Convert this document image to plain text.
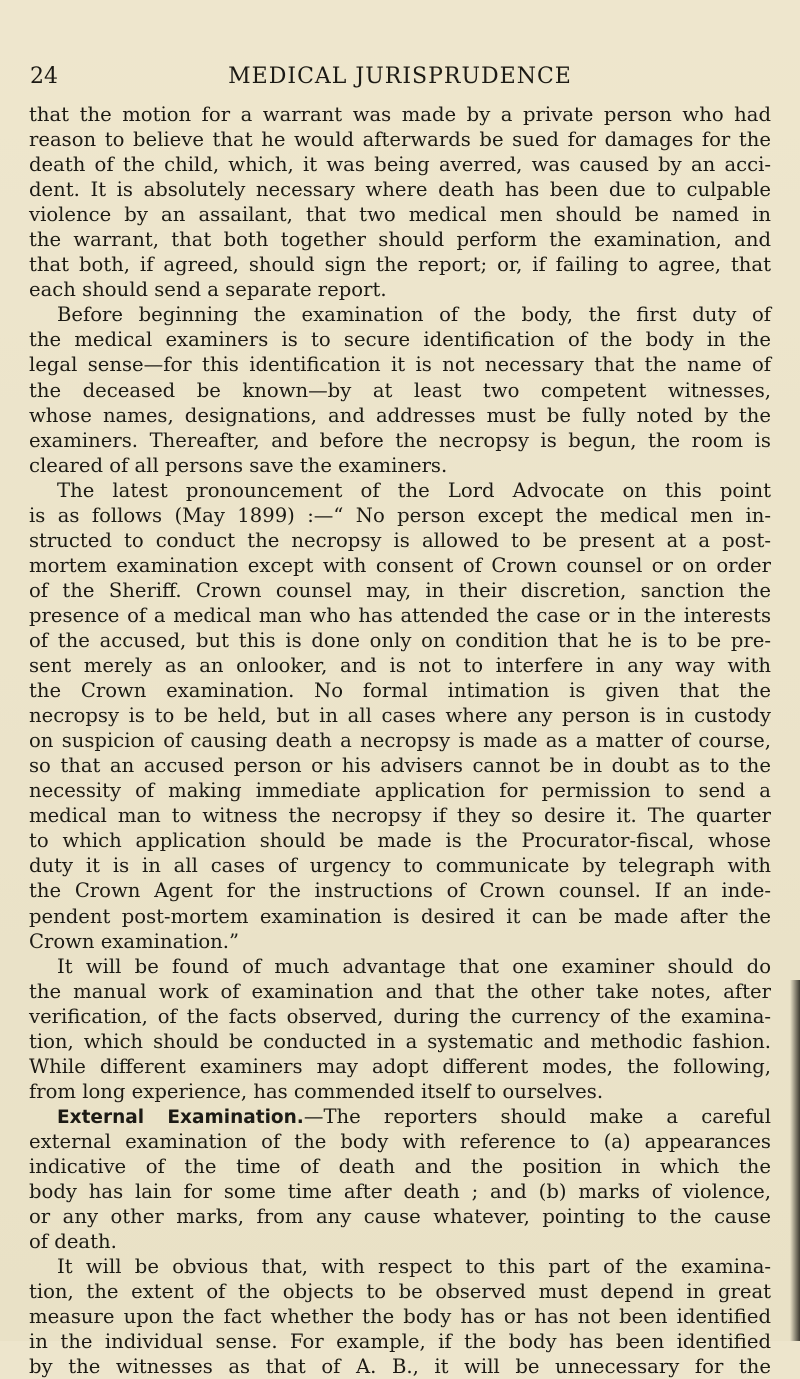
24	MEDICAL JURISPRUDENCE
that the motion for a warrant was made by a private person who had
reason to believe that he would afterwards be sued for damages for the
death of the child, which, it was being averred, was caused by an acci-
dent. It is absolutely necessary where death has been due to culpable
violence by an assailant, that two medical men should be named in
the warrant, that both together should perform the examination, and
that both, if agreed, should sign the report; or, if failing to agree, that
each should send a separate report.
Before beginning the examination of the body, the first duty of
the medical examiners is to secure identification of the body in the
legal sense—for this identification it is not necessary that the name of
the deceased be known—by at least two competent witnesses,
whose names, designations, and addresses must be fully noted by the
examiners. Thereafter, and before the necropsy is begun, the room is
cleared of all persons save the examiners.
The latest pronouncement of the Lord Advocate on this point
is as follows (May 1899) :—“ No person except the medical men in-
structed to conduct the necropsy is allowed to be present at a post-
mortem examination except with consent of Crown counsel or on order
of the Sheriff. Crown counsel may, in their discretion, sanction the
presence of a medical man who has attended the case or in the interests
of the accused, but this is done only on condition that he is to be pre-
sent merely as an onlooker, and is not to interfere in any way with
the Crown examination. No formal intimation is given that the
necropsy is to be held, but in all cases where any person is in custody
on suspicion of causing death a necropsy is made as a matter of course,
so that an accused person or his advisers cannot be in doubt as to the
necessity of making immediate application for permission to send a
medical man to witness the necropsy if they so desire it. The quarter
to which application should be made is the Procurator-fiscal, whose
duty it is in all cases of urgency to communicate by telegraph with
the Crown Agent for the instructions of Crown counsel. If an inde-
pendent post-mortem examination is desired it can be made after the
Crown examination.”
It will be found of much advantage that one examiner should do
the manual work of examination and that the other take notes, after
verification, of the facts observed, during the currency of the examina-
tion, which should be conducted in a systematic and methodic fashion.
While different examiners may adopt different modes, the following,
from long experience, has commended itself to ourselves.
External Examination.—The reporters should make a careful
external examination of the body with reference to (a) appearances
indicative of the time of death and the position in which the
body has lain for some time after death ; and (b) marks of violence,
or any other marks, from any cause whatever, pointing to the cause
of death.
It will be obvious that, with respect to this part of the examina-
tion, the extent of the objects to be observed must depend in great
measure upon the fact whether the body has or has not been identified
in the individual sense. For example, if the body has been identified
by the witnesses as that of A. B., it will be unnecessary for the
